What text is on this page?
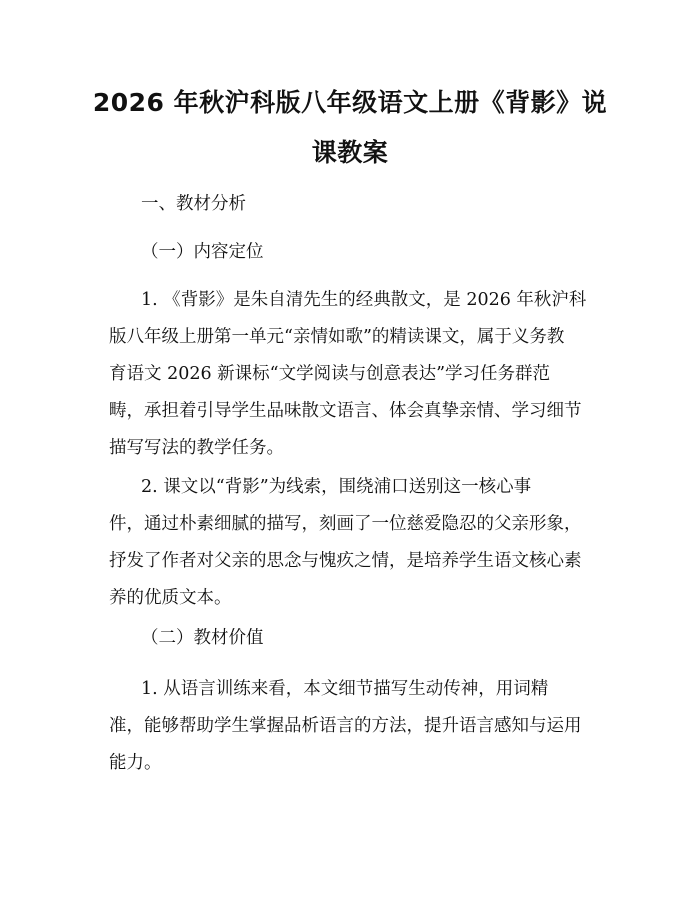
2026 年秋沪科版八年级语文上册《背影》说
课教案
一、教材分析
（一）内容定位
1. 《背影》是朱自清先生的经典散文，是 2026 年秋沪科
版八年级上册第一单元“亲情如歌”的精读课文，属于义务教
育语文 2026 新课标“文学阅读与创意表达”学习任务群范
畴，承担着引导学生品味散文语言、体会真挚亲情、学习细节
描写写法的教学任务。
2. 课文以“背影”为线索，围绕浦口送别这一核心事
件，通过朴素细腻的描写，刻画了一位慈爱隐忍的父亲形象，
抒发了作者对父亲的思念与愧疚之情，是培养学生语文核心素
养的优质文本。
（二）教材价值
1. 从语言训练来看，本文细节描写生动传神，用词精
准，能够帮助学生掌握品析语言的方法，提升语言感知与运用
能力。
